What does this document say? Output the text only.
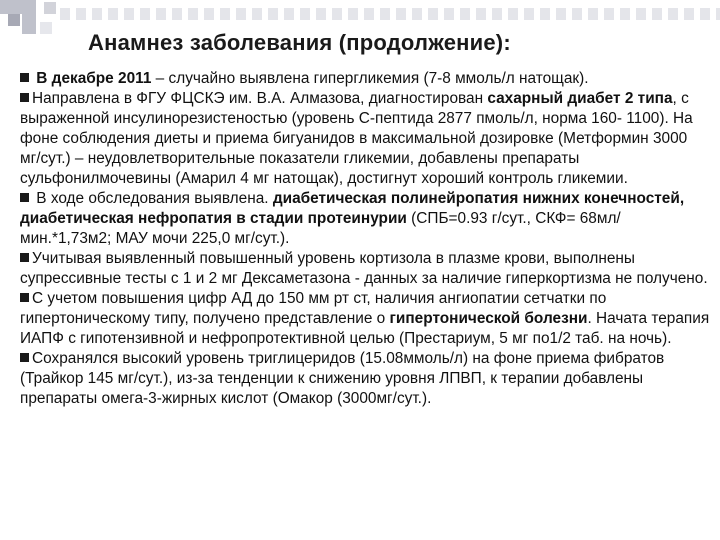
Анамнез заболевания (продолжение):

В декабре 2011 – случайно выявлена гипергликемия (7-8 ммоль/л натощак).

Направлена в ФГУ ФЦСКЭ им. В.А. Алмазова, диагностирован сахарный диабет 2 типа, с выраженной инсулинорезистеностью (уровень С-пептида 2877 пмоль/л, норма 160- 1100). На фоне соблюдения диеты и приема бигуанидов в максимальной дозировке (Метформин 3000 мг/сут.) – неудовлетворительные показатели гликемии, добавлены препараты сульфонилмочевины (Амарил 4 мг натощак), достигнут хороший контроль гликемии.

В ходе обследования выявлена. диабетическая полинейропатия нижних конечностей, диабетическая нефропатия в стадии протеинурии (СПБ=0.93 г/сут., СКФ= 68мл/мин.*1,73м2; МАУ мочи 225,0 мг/сут.).

Учитывая выявленный повышенный уровень кортизола в плазме крови, выполнены супрессивные тесты с 1 и 2 мг Дексаметазона - данных за наличие гиперкортизма не получено.

С учетом повышения цифр АД до 150 мм рт ст, наличия ангиопатии сетчатки по гипертоническому типу, получено представление о гипертонической болезни. Начата терапия ИАПФ с гипотензивной и нефропротективной целью (Престариум, 5 мг по1/2 таб. на ночь).

Сохранялся высокий уровень триглицеридов (15.08ммоль/л) на фоне приема фибратов (Трайкор 145 мг/сут.), из-за тенденции к снижению уровня ЛПВП, к терапии добавлены препараты омега-3-жирных кислот (Омакор (3000мг/сут.).
